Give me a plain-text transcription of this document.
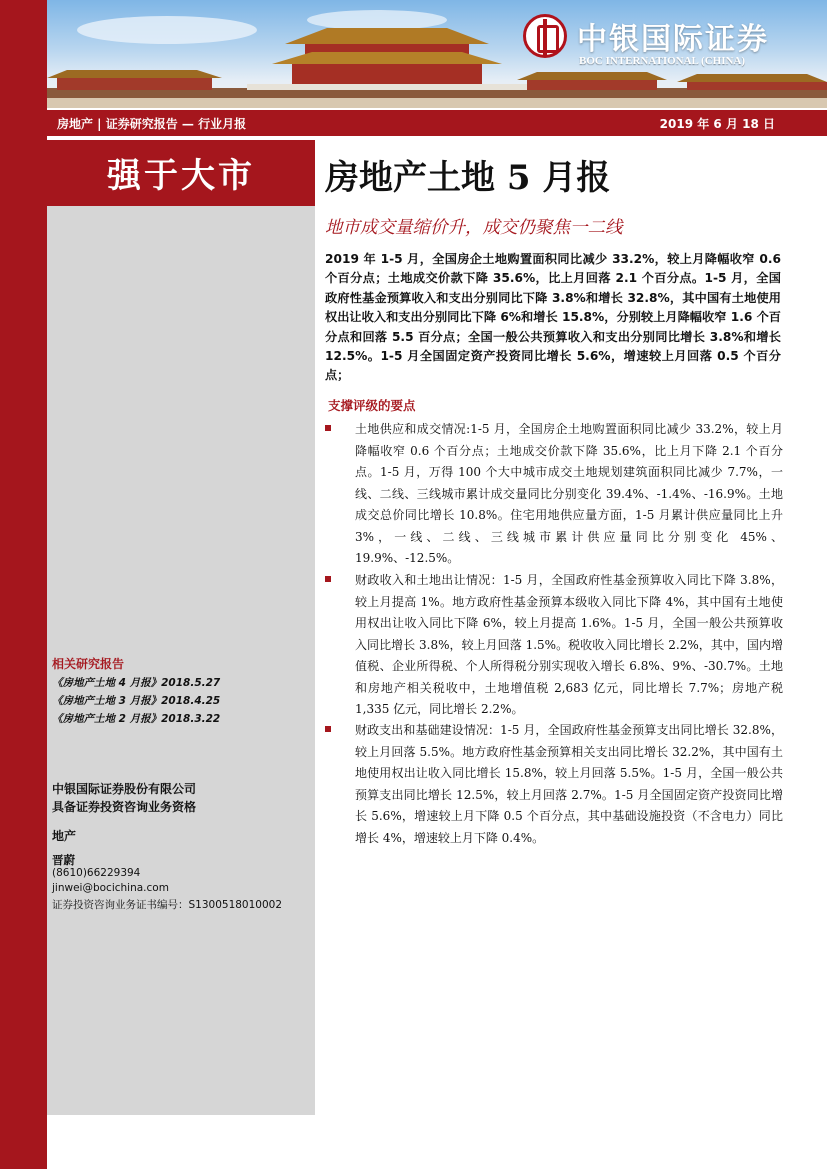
中银国际证券
BOC INTERNATIONAL (CHINA)
房地产 | 证券研究报告 — 行业月报	2019 年 6 月 18 日
强于大市
相关研究报告
《房地产土地 4 月报》2018.5.27
《房地产土地 3 月报》2018.4.25
《房地产土地 2 月报》2018.3.22
中银国际证券股份有限公司
具备证券投资咨询业务资格
地产
晋蔚
(8610)66229394
jinwei@bocichina.com
证券投资咨询业务证书编号：S1300518010002
房地产土地 5 月报
地市成交量缩价升，成交仍聚焦一二线

2019 年 1-5 月，全国房企土地购置面积同比减少 33.2%，较上月降幅收窄 0.6 个百分点；土地成交价款下降 35.6%，比上月回落 2.1 个百分点。1-5 月，全国政府性基金预算收入和支出分别同比下降 3.8%和增长 32.8%，其中国有土地使用权出让收入和支出分别同比下降 6%和增长 15.8%，分别较上月降幅收窄 1.6 个百分点和回落 5.5 百分点；全国一般公共预算收入和支出分别同比增长 3.8%和增长 12.5%。1-5 月全国固定资产投资同比增长 5.6%，增速较上月回落 0.5 个百分点；

支撑评级的要点

土地供应和成交情况:1-5 月，全国房企土地购置面积同比减少 33.2%，较上月降幅收窄 0.6 个百分点；土地成交价款下降 35.6%，比上月下降 2.1 个百分点。1-5 月，万得 100 个大中城市成交土地规划建筑面积同比减少 7.7%，一线、二线、三线城市累计成交量同比分别变化 39.4%、-1.4%、-16.9%。土地成交总价同比增长 10.8%。住宅用地供应量方面，1-5 月累计供应量同比上升 3%，一线、二线、三线城市累计供应量同比分别变化 45%、19.9%、-12.5%。

财政收入和土地出让情况：1-5 月，全国政府性基金预算收入同比下降 3.8%，较上月提高 1%。地方政府性基金预算本级收入同比下降 4%，其中国有土地使用权出让收入同比下降 6%，较上月提高 1.6%。1-5 月，全国一般公共预算收入同比增长 3.8%，较上月回落 1.5%。税收收入同比增长 2.2%，其中，国内增值税、企业所得税、个人所得税分别实现收入增长 6.8%、9%、-30.7%。土地和房地产相关税收中，土地增值税 2,683 亿元，同比增长 7.7%；房地产税 1,335 亿元，同比增长 2.2%。

财政支出和基础建设情况：1-5 月，全国政府性基金预算支出同比增长 32.8%，较上月回落 5.5%。地方政府性基金预算相关支出同比增长 32.2%，其中国有土地使用权出让收入同比增长 15.8%，较上月回落 5.5%。1-5 月，全国一般公共预算支出同比增长 12.5%，较上月回落 2.7%。1-5 月全国固定资产投资同比增长 5.6%，增速较上月下降 0.5 个百分点，其中基础设施投资（不含电力）同比增长 4%，增速较上月下降 0.4%。
